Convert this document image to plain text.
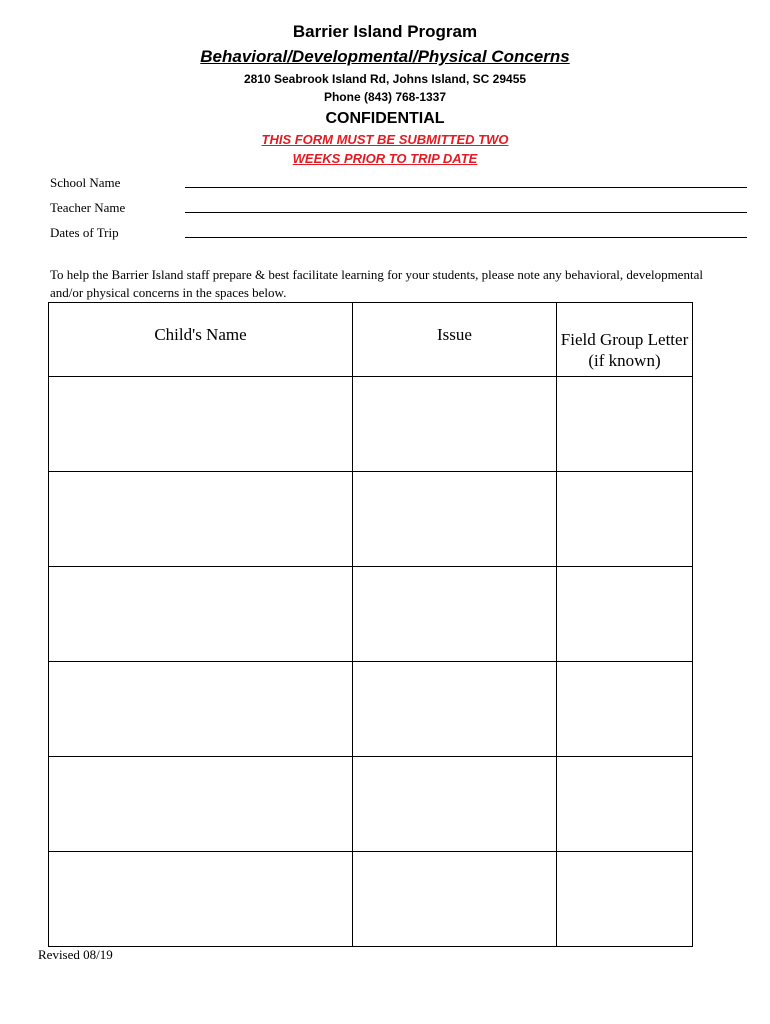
Barrier Island Program
Behavioral/Developmental/Physical Concerns
2810 Seabrook Island Rd, Johns Island, SC 29455
Phone (843) 768-1337
CONFIDENTIAL
THIS FORM MUST BE SUBMITTED TWO
WEEKS PRIOR TO TRIP DATE
School Name
Teacher Name
Dates of Trip
To help the Barrier Island staff prepare & best facilitate learning for your students, please note any behavioral, developmental and/or physical concerns in the spaces below.
Child's Name	Issue	Field Group Letter
(if known)

Revised 08/19
